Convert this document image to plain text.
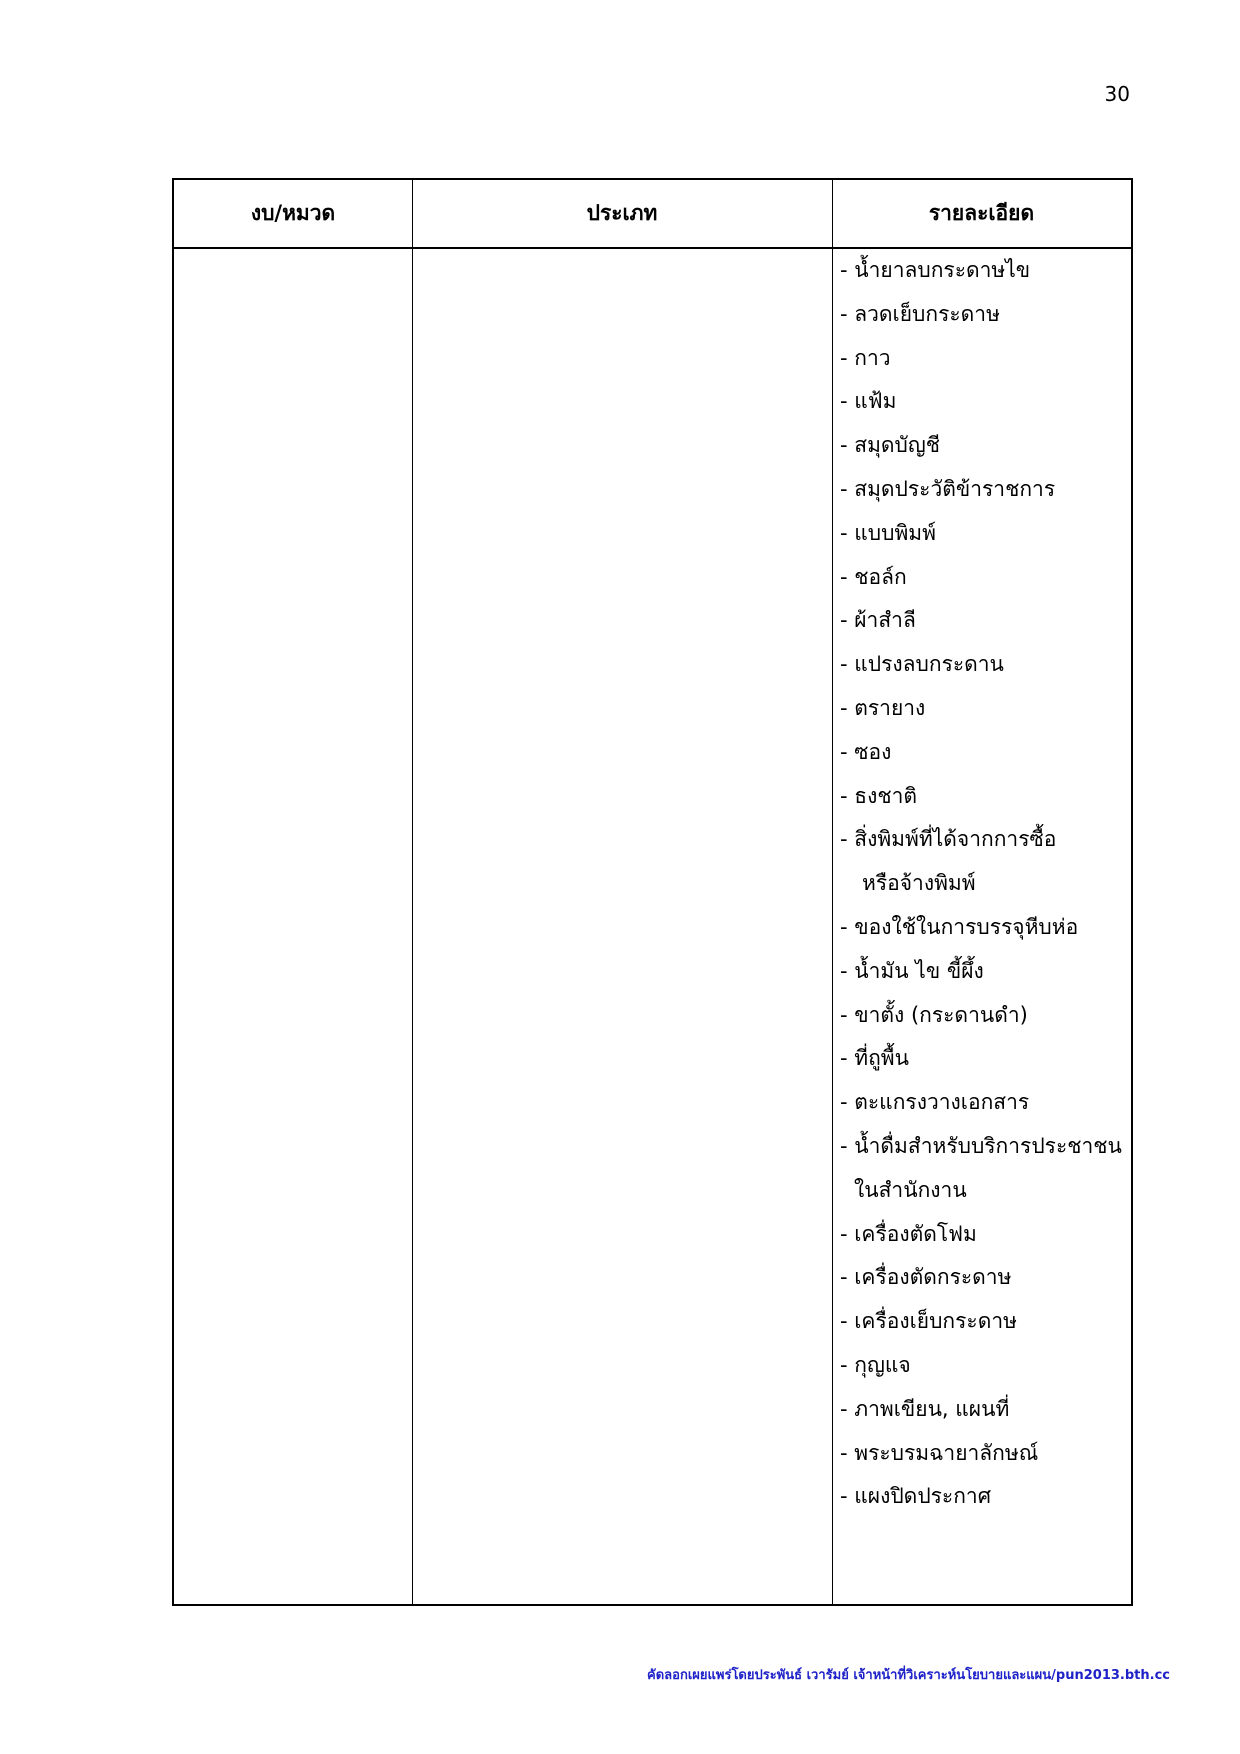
30
งบ/หมวด	ประเภท	รายละเอียด
- น้ำยาลบกระดาษไข
- ลวดเย็บกระดาษ
- กาว
- แฟ้ม
- สมุดบัญชี
- สมุดประวัติข้าราชการ
- แบบพิมพ์
- ชอล์ก
- ผ้าสำลี
- แปรงลบกระดาน
- ตรายาง
- ซอง
- ธงชาติ
- สิ่งพิมพ์ที่ได้จากการซื้อ
หรือจ้างพิมพ์
- ของใช้ในการบรรจุหีบห่อ
- น้ำมัน ไข ขี้ผึ้ง
- ขาตั้ง (กระดานดำ)
- ที่ถูพื้น
- ตะแกรงวางเอกสาร
- น้ำดื่มสำหรับบริการประชาชน
ในสำนักงาน
- เครื่องตัดโฟม
- เครื่องตัดกระดาษ
- เครื่องเย็บกระดาษ
- กุญแจ
- ภาพเขียน, แผนที่
- พระบรมฉายาลักษณ์
- แผงปิดประกาศ
คัดลอกเผยแพร่โดยประพันธ์ เวารัมย์ เจ้าหน้าที่วิเคราะห์นโยบายและแผน/pun2013.bth.cc
